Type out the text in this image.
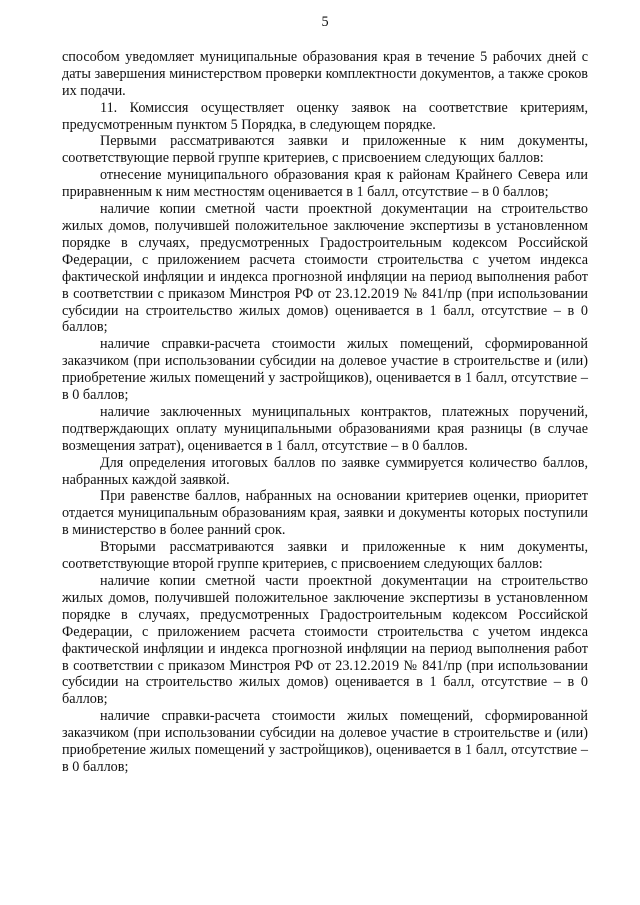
5

способом уведомляет муниципальные образования края в течение 5 рабочих дней с даты завершения министерством проверки комплектности документов, а также сроков их подачи.

11. Комиссия осуществляет оценку заявок на соответствие критериям, предусмотренным пунктом 5 Порядка, в следующем порядке.

Первыми рассматриваются заявки и приложенные к ним документы, соответствующие первой группе критериев, с присвоением следующих баллов:

отнесение муниципального образования края к районам Крайнего Севера или приравненным к ним местностям оценивается в 1 балл, отсутствие – в 0 баллов;

наличие копии сметной части проектной документации на строительство жилых домов, получившей положительное заключение экспертизы в установленном порядке в случаях, предусмотренных Градостроительным кодексом Российской Федерации, с приложением расчета стоимости строительства с учетом индекса фактической инфляции и индекса прогнозной инфляции на период выполнения работ в соответствии с приказом Минстроя РФ от 23.12.2019 № 841/пр (при использовании субсидии на строительство жилых домов) оценивается в 1 балл, отсутствие – в 0 баллов;

наличие справки-расчета стоимости жилых помещений, сформированной заказчиком (при использовании субсидии на долевое участие в строительстве и (или) приобретение жилых помещений у застройщиков), оценивается в 1 балл, отсутствие – в 0 баллов;

наличие заключенных муниципальных контрактов, платежных поручений, подтверждающих оплату муниципальными образованиями края разницы (в случае возмещения затрат), оценивается в 1 балл, отсутствие – в 0 баллов.

Для определения итоговых баллов по заявке суммируется количество баллов, набранных каждой заявкой.

При равенстве баллов, набранных на основании критериев оценки, приоритет отдается муниципальным образованиям края, заявки и документы которых поступили в министерство в более ранний срок.

Вторыми рассматриваются заявки и приложенные к ним документы, соответствующие второй группе критериев, с присвоением следующих баллов:

наличие копии сметной части проектной документации на строительство жилых домов, получившей положительное заключение экспертизы в установленном порядке в случаях, предусмотренных Градостроительным кодексом Российской Федерации, с приложением расчета стоимости строительства с учетом индекса фактической инфляции и индекса прогнозной инфляции на период выполнения работ в соответствии с приказом Минстроя РФ от 23.12.2019 № 841/пр (при использовании субсидии на строительство жилых домов) оценивается в 1 балл, отсутствие – в 0 баллов;

наличие справки-расчета стоимости жилых помещений, сформированной заказчиком (при использовании субсидии на долевое участие в строительстве и (или) приобретение жилых помещений у застройщиков), оценивается в 1 балл, отсутствие – в 0 баллов;
